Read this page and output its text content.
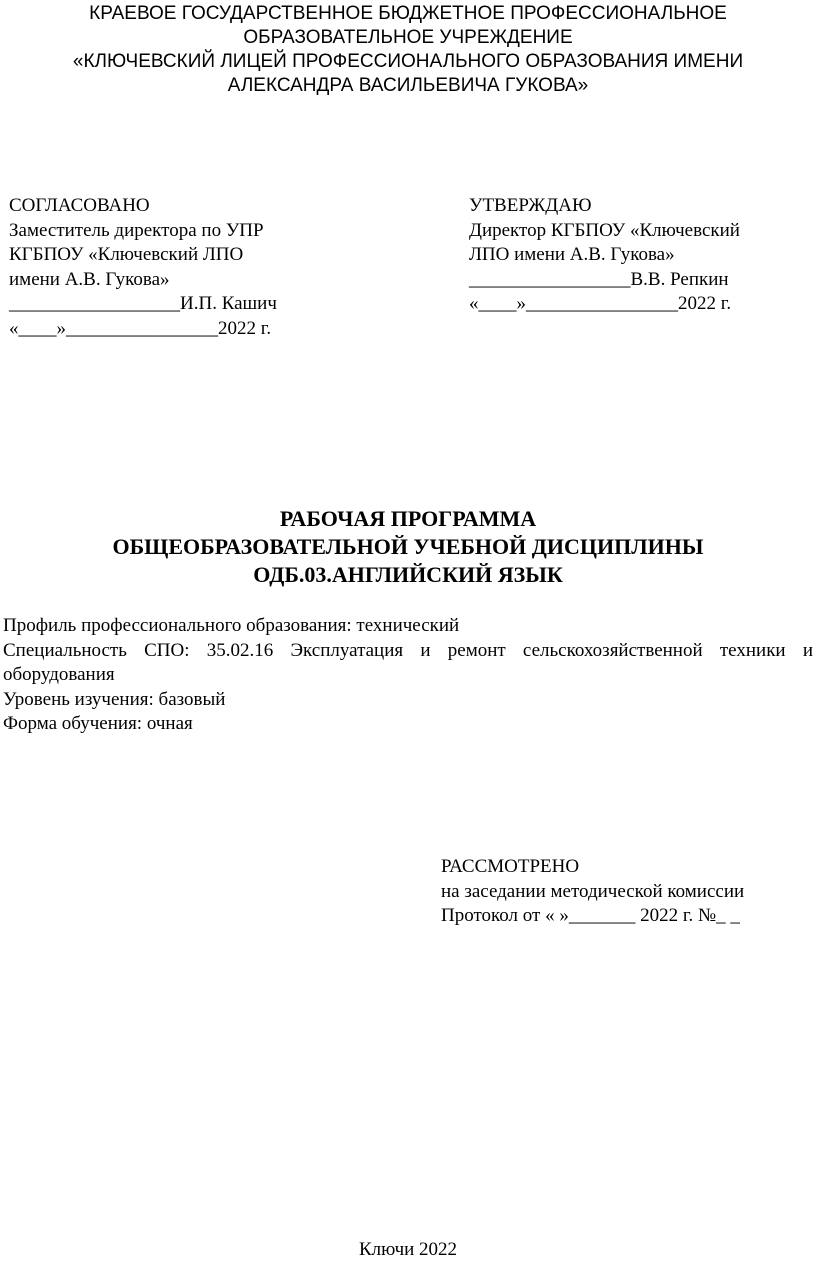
КРАЕВОЕ ГОСУДАРСТВЕННОЕ БЮДЖЕТНОЕ ПРОФЕССИОНАЛЬНОЕ
ОБРАЗОВАТЕЛЬНОЕ УЧРЕЖДЕНИЕ
«КЛЮЧЕВСКИЙ ЛИЦЕЙ ПРОФЕССИОНАЛЬНОГО ОБРАЗОВАНИЯ ИМЕНИ
АЛЕКСАНДРА ВАСИЛЬЕВИЧА ГУКОВА»
СОГЛАСОВАНО
Заместитель директора по УПР
КГБПОУ «Ключевский ЛПО
имени А.В. Гукова»
__________________И.П. Кашич
«____»________________2022 г.
УТВЕРЖДАЮ
Директор КГБПОУ «Ключевский
ЛПО имени А.В. Гукова»
_________________В.В. Репкин
«____»________________2022 г.
РАБОЧАЯ ПРОГРАММА
ОБЩЕОБРАЗОВАТЕЛЬНОЙ УЧЕБНОЙ ДИСЦИПЛИНЫ
ОДБ.03.АНГЛИЙСКИЙ ЯЗЫК
Профиль профессионального образования: технический
Специальность СПО: 35.02.16 Эксплуатация и ремонт сельскохозяйственной техники и
оборудования
Уровень изучения: базовый
Форма обучения: очная
РАССМОТРЕНО
на заседании методической комиссии
Протокол от « »_______ 2022 г. №_ _
Ключи 2022
